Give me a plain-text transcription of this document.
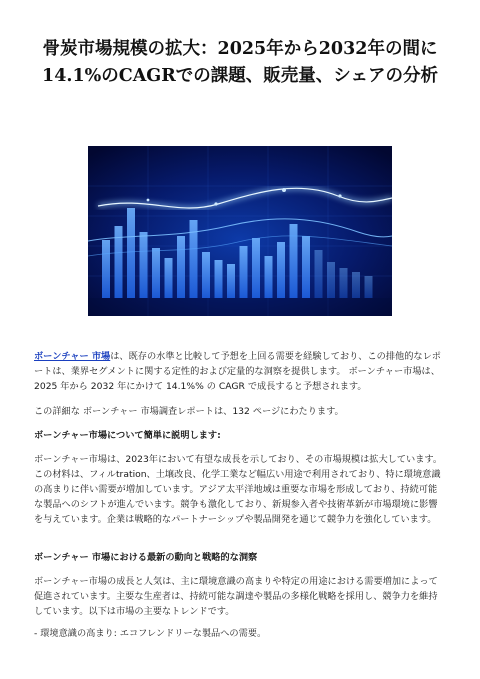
骨炭市場規模の拡大：2025年から2032年の間に14.1%のCAGRでの課題、販売量、シェアの分析

ボーンチャー 市場は、既存の水準と比較して予想を上回る需要を経験しており、この排他的なレポートは、業界セグメントに関する定性的および定量的な洞察を提供します。 ボーンチャー市場は、2025 年から 2032 年にかけて 14.1%% の CAGR で成長すると予想されます。

この詳細な ボーンチャー 市場調査レポートは、132 ページにわたります。

ボーンチャー市場について簡単に説明します:

ボーンチャー市場は、2023年において有望な成長を示しており、その市場規模は拡大しています。この材料は、フィルtration、土壌改良、化学工業など幅広い用途で利用されており、特に環境意識の高まりに伴い需要が増加しています。アジア太平洋地域は重要な市場を形成しており、持続可能な製品へのシフトが進んでいます。競争も激化しており、新規参入者や技術革新が市場環境に影響を与えています。企業は戦略的なパートナーシップや製品開発を通じて競争力を強化しています。

ボーンチャー 市場における最新の動向と戦略的な洞察

ボーンチャー市場の成長と人気は、主に環境意識の高まりや特定の用途における需要増加によって促進されています。主要な生産者は、持続可能な調達や製品の多様化戦略を採用し、競争力を維持しています。以下は市場の主要なトレンドです。

- 環境意識の高まり: エコフレンドリーな製品への需要。
